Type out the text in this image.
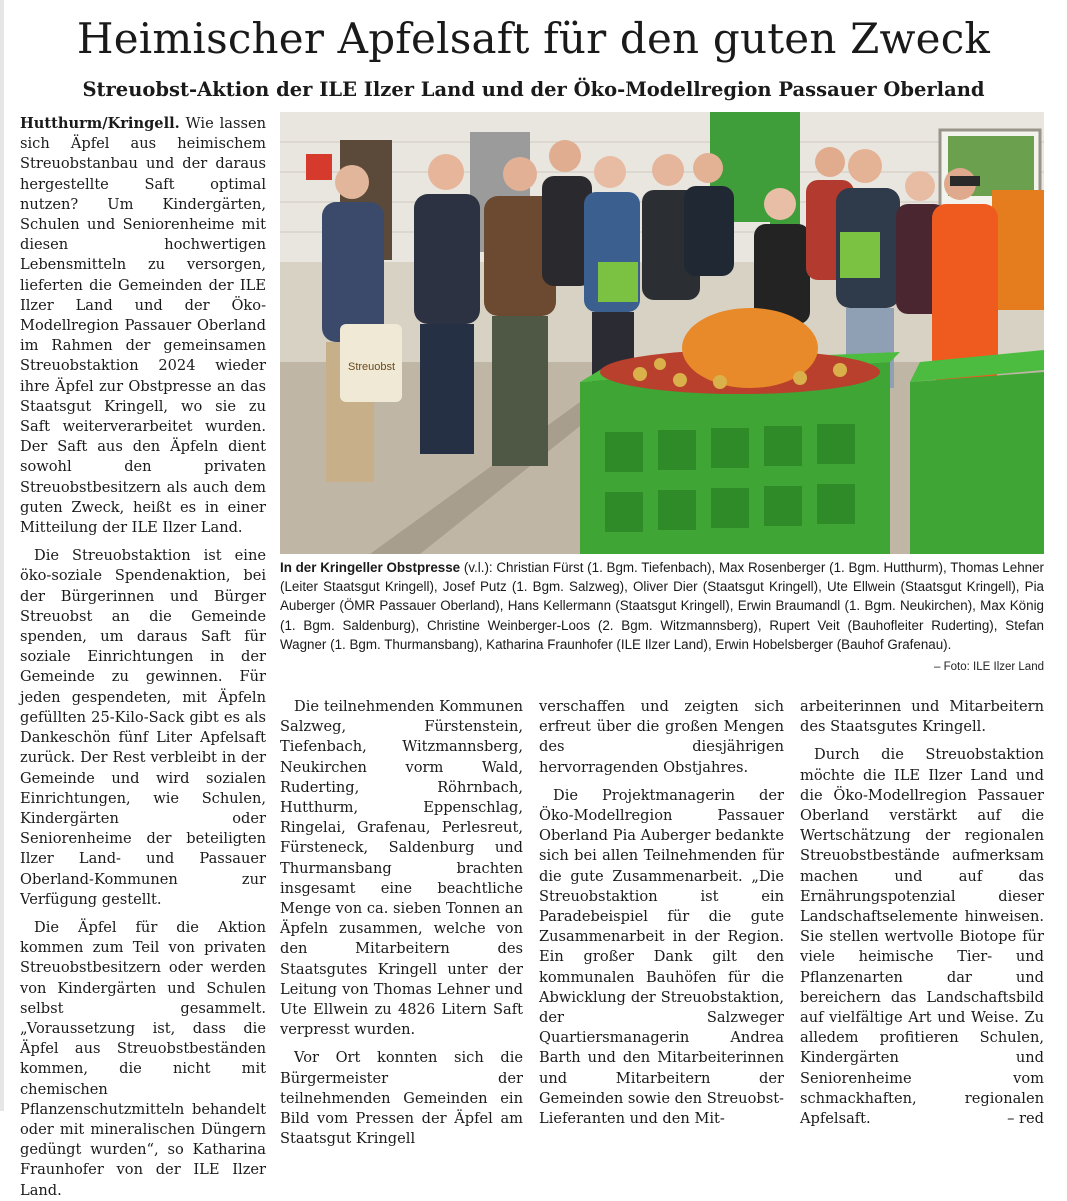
Heimischer Apfelsaft für den guten Zweck
Streuobst-Aktion der ILE Ilzer Land und der Öko-Modellregion Passauer Oberland

Hutthurm/Kringell. Wie lassen sich Äpfel aus heimischem Streuobstanbau und der daraus hergestellte Saft optimal nutzen? Um Kindergärten, Schulen und Seniorenheime mit diesen hochwertigen Lebensmitteln zu versorgen, lieferten die Gemeinden der ILE Ilzer Land und der Öko-Modellregion Passauer Oberland im Rahmen der gemeinsamen Streuobstaktion 2024 wieder ihre Äpfel zur Obstpresse an das Staatsgut Kringell, wo sie zu Saft weiterverarbeitet wurden. Der Saft aus den Äpfeln dient sowohl den privaten Streuobstbesitzern als auch dem guten Zweck, heißt es in einer Mitteilung der ILE Ilzer Land.

Die Streuobstaktion ist eine öko-soziale Spendenaktion, bei der Bürgerinnen und Bürger Streuobst an die Gemeinde spenden, um daraus Saft für soziale Einrichtungen in der Gemeinde zu gewinnen. Für jeden gespendeten, mit Äpfeln gefüllten 25-Kilo-Sack gibt es als Dankeschön fünf Liter Apfelsaft zurück. Der Rest verbleibt in der Gemeinde und wird sozialen Einrichtungen, wie Schulen, Kindergärten oder Seniorenheime der beteiligten Ilzer Land- und Passauer Oberland-Kommunen zur Verfügung gestellt.

Die Äpfel für die Aktion kommen zum Teil von privaten Streuobstbesitzern oder werden von Kindergärten und Schulen selbst gesammelt. „Voraussetzung ist, dass die Äpfel aus Streuobstbeständen kommen, die nicht mit chemischen Pflanzenschutzmitteln behandelt oder mit mineralischen Düngern gedüngt wurden“, so Katharina Fraunhofer von der ILE Ilzer Land.

Streuobst

In der Kringeller Obstpresse (v.l.): Christian Fürst (1. Bgm. Tiefenbach), Max Rosenberger (1. Bgm. Hutthurm), Thomas Lehner (Leiter Staatsgut Kringell), Josef Putz (1. Bgm. Salzweg), Oliver Dier (Staatsgut Kringell), Ute Ellwein (Staatsgut Kringell), Pia Auberger (ÖMR Passauer Oberland), Hans Kellermann (Staatsgut Kringell), Erwin Braumandl (1. Bgm. Neukirchen), Max König (1. Bgm. Saldenburg), Christine Weinberger-Loos (2. Bgm. Witzmannsberg), Rupert Veit (Bauhofleiter Ruderting), Stefan Wagner (1. Bgm. Thurmansbang), Katharina Fraunhofer (ILE Ilzer Land), Erwin Hobelsberger (Bauhof Grafenau).

– Foto: ILE Ilzer Land

Die teilnehmenden Kommunen Salzweg, Fürstenstein, Tiefenbach, Witzmannsberg, Neukirchen vorm Wald, Ruderting, Röhrnbach, Hutthurm, Eppenschlag, Ringelai, Grafenau, Perlesreut, Fürsteneck, Saldenburg und Thurmansbang brachten insgesamt eine beachtliche Menge von ca. sieben Tonnen an Äpfeln zusammen, welche von den Mitarbeitern des Staatsgutes Kringell unter der Leitung von Thomas Lehner und Ute Ellwein zu 4826 Litern Saft verpresst wurden.

Vor Ort konnten sich die Bürgermeister der teilnehmenden Gemeinden ein Bild vom Pressen der Äpfel am Staatsgut Kringell

verschaffen und zeigten sich erfreut über die großen Mengen des diesjährigen hervorragenden Obstjahres.

Die Projektmanagerin der Öko-Modellregion Passauer Oberland Pia Auberger bedankte sich bei allen Teilnehmenden für die gute Zusammenarbeit. „Die Streuobstaktion ist ein Paradebeispiel für die gute Zusammenarbeit in der Region. Ein großer Dank gilt den kommunalen Bauhöfen für die Abwicklung der Streuobstaktion, der Salzweger Quartiersmanagerin Andrea Barth und den Mitarbeiterinnen und Mitarbeitern der Gemeinden sowie den Streuobst-Lieferanten und den Mit-

arbeiterinnen und Mitarbeitern des Staatsgutes Kringell.

Durch die Streuobstaktion möchte die ILE Ilzer Land und die Öko-Modellregion Passauer Oberland verstärkt auf die Wertschätzung der regionalen Streuobstbestände aufmerksam machen und auf das Ernährungspotenzial dieser Landschaftselemente hinweisen. Sie stellen wertvolle Biotope für viele heimische Tier- und Pflanzenarten dar und bereichern das Landschaftsbild auf vielfältige Art und Weise. Zu alledem profitieren Schulen, Kindergärten und Seniorenheime vom schmackhaften, regionalen Apfelsaft.	– red
